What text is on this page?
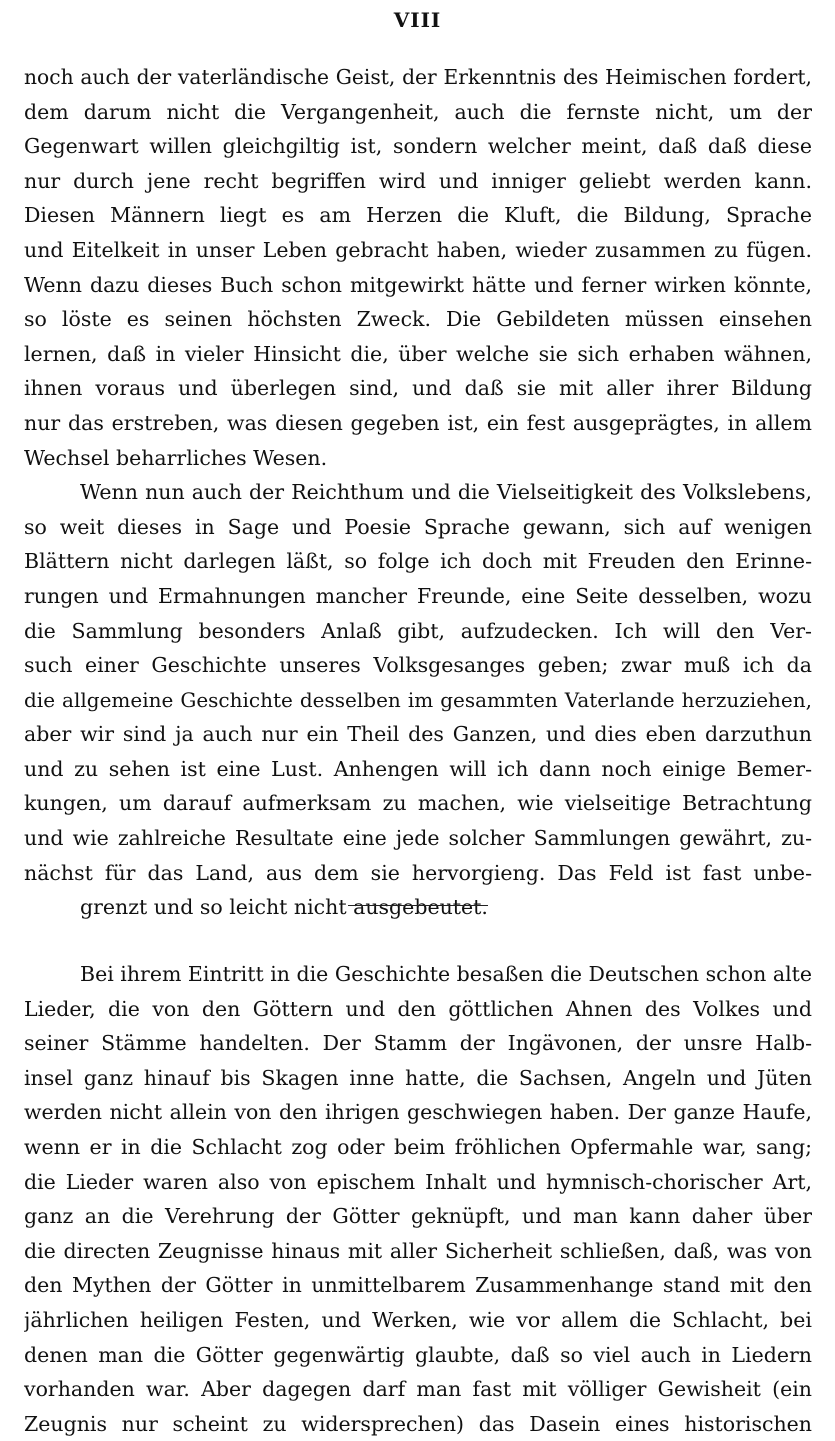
VIII
noch auch der vaterländische Geist, der Erkenntnis des Heimischen fordert,
dem darum nicht die Vergangenheit, auch die fernste nicht, um der
Gegenwart willen gleichgiltig ist, sondern welcher meint, daß daß diese
nur durch jene recht begriffen wird und inniger geliebt werden kann.
Diesen Männern liegt es am Herzen die Kluft, die Bildung, Sprache
und Eitelkeit in unser Leben gebracht haben, wieder zusammen zu fügen.
Wenn dazu dieses Buch schon mitgewirkt hätte und ferner wirken könnte,
so löste es seinen höchsten Zweck. Die Gebildeten müssen einsehen
lernen, daß in vieler Hinsicht die, über welche sie sich erhaben wähnen,
ihnen voraus und überlegen sind, und daß sie mit aller ihrer Bildung
nur das erstreben, was diesen gegeben ist, ein fest ausgeprägtes, in allem
Wechsel beharrliches Wesen.
Wenn nun auch der Reichthum und die Vielseitigkeit des Volkslebens,
so weit dieses in Sage und Poesie Sprache gewann, sich auf wenigen
Blättern nicht darlegen läßt, so folge ich doch mit Freuden den Erinne-
rungen und Ermahnungen mancher Freunde, eine Seite desselben, wozu
die Sammlung besonders Anlaß gibt, aufzudecken. Ich will den Ver-
such einer Geschichte unseres Volksgesanges geben; zwar muß ich da
die allgemeine Geschichte desselben im gesammten Vaterlande herzuziehen,
aber wir sind ja auch nur ein Theil des Ganzen, und dies eben darzuthun
und zu sehen ist eine Lust. Anhengen will ich dann noch einige Bemer-
kungen, um darauf aufmerksam zu machen, wie vielseitige Betrachtung
und wie zahlreiche Resultate eine jede solcher Sammlungen gewährt, zu-
nächst für das Land, aus dem sie hervorgieng. Das Feld ist fast unbe-
grenzt und so leicht nicht ausgebeutet.
Bei ihrem Eintritt in die Geschichte besaßen die Deutschen schon alte
Lieder, die von den Göttern und den göttlichen Ahnen des Volkes und
seiner Stämme handelten. Der Stamm der Ingävonen, der unsre Halb-
insel ganz hinauf bis Skagen inne hatte, die Sachsen, Angeln und Jüten
werden nicht allein von den ihrigen geschwiegen haben. Der ganze Haufe,
wenn er in die Schlacht zog oder beim fröhlichen Opfermahle war, sang;
die Lieder waren also von epischem Inhalt und hymnisch-chorischer Art,
ganz an die Verehrung der Götter geknüpft, und man kann daher über
die directen Zeugnisse hinaus mit aller Sicherheit schließen, daß, was von
den Mythen der Götter in unmittelbarem Zusammenhange stand mit den
jährlichen heiligen Festen, und Werken, wie vor allem die Schlacht, bei
denen man die Götter gegenwärtig glaubte, daß so viel auch in Liedern
vorhanden war. Aber dagegen darf man fast mit völliger Gewisheit (ein
Zeugnis nur scheint zu widersprechen) das Dasein eines historischen
